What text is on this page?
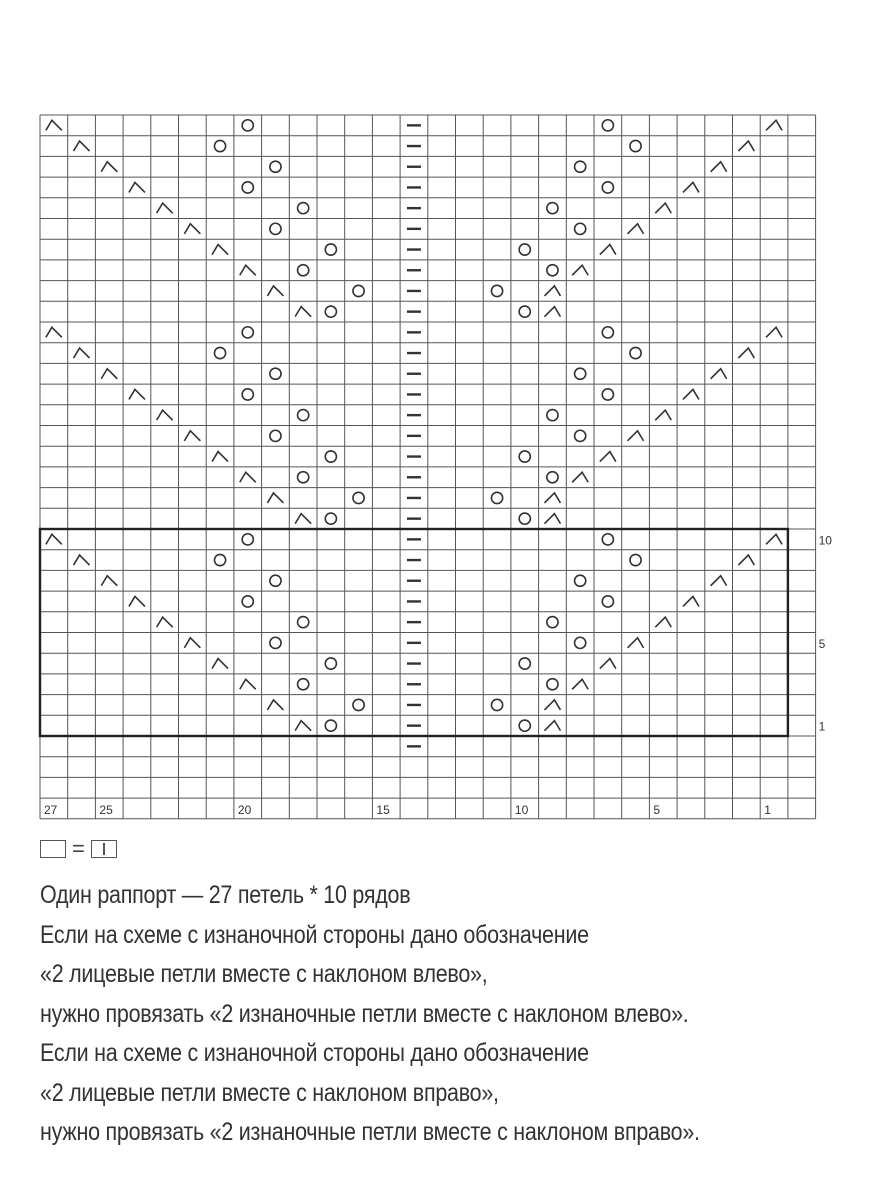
10
5
1
27	25	20	15	10	5	1
=

Один раппорт — 27 петель * 10 рядов

Если на схеме с изнаночной стороны дано обозначение

«2 лицевые петли вместе с наклоном влево»,

нужно провязать «2 изнаночные петли вместе с наклоном влево».

Если на схеме с изнаночной стороны дано обозначение

«2 лицевые петли вместе с наклоном вправо»,

нужно провязать «2 изнаночные петли вместе с наклоном вправо».
